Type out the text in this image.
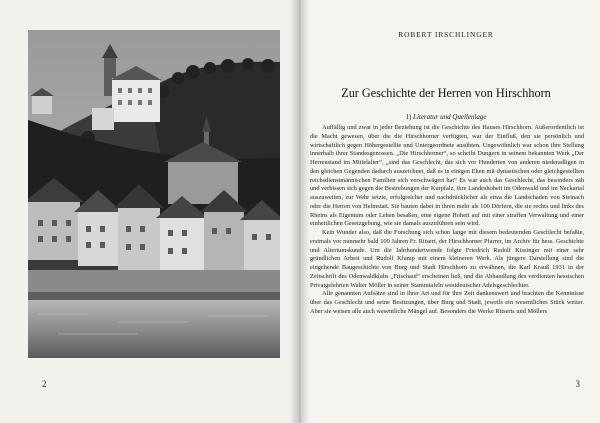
2	3
ROBERT IRSCHLINGER
Zur Geschichte der Herren von Hirschhorn
1) Literatur und Quellenlage

Auffällig und zwar in jeder Beziehung ist die Geschichte des Hauses Hirschhorn. Außerordentlich ist die Macht gewesen, über die die Hirschhorner verfügten, war der Einfluß, den sie persönlich und wirtschaftlich gegen Höhergestellte und Untergeordnete ausübten. Ungewöhnlich war schon ihre Stellung innerhalb ihrer Standesgenossen. „Die Hirschhorner“, so scheibt Dungern in seinem bekannten Werk „Der Herrenstand im Mittelalter“, „sind das Geschlecht, das sich vor Hunderten von anderen niederadligen in den gleichen Gegenden dadurch auszeichnet, daß es in einigen Ehen mit dynastischen oder gleichgestellten reichsdienstmännischen Familien sich verschwägert hat“ Es war auch das Geschlecht, das besonders zäh und verbissen sich gegen die Bestrebungen der Kurpfalz, ihre Landeshoheit im Odenwald und im Neckartal auszuweiten, zur Wehr setzte, erfolgreicher und nachdrücklicher als etwa die Landschaden von Steinach oder die Herren von Helmstatt. Sie bauten dabei in ihren mehr als 100 Dörfern, die sie rechts und links des Rheins als Eigentum oder Lehen besaßen, eine eigene Hoheit auf mit einer straffen Verwaltung und einer einheitlichen Gesetzgebung, wie sie damals auszuführen sein wird.

Kein Wunder also, daß die Forschung sich schon lange mit diesem bedeutenden Geschlecht befaßte, erstmals vor nunmehr bald 100 Jahren Fr. Ritsert, der Hirschhorner Pfarrer, im Archiv für hess. Geschichte und Altertumskunde. Um die Jahrhundertwende folgte Friedrich Rudolf Kissinger mit einer sehr gründlichen Arbeit und Rudolf Klump mit einem kleineren Werk. Als jüngere Darstellung sind die eingehende Baugeschichte von Burg und Stadt Hirschhorn zu erwähnen, die Karl Krauß 1931 in der Zeitschrift des Odenwaldklubs „Frischauf“ erscheinen ließ, und die Abhandlung des verdienten hessischen Privatgelehrten Walter Möller in seiner Stammtafeln westdeutscher Adelsgeschlechter.

Alle genannten Aufsätze sind in ihrer Art und für ihre Zeit dankenswert und brachten die Kenntnisse über das Geschlecht und seine Besitzungen, über Burg und Stadt, jeweils ein wesentliches Stück weiter. Aber sie weisen alle auch wesentliche Mängel auf. Besonders die Werke Ritserts und Möllers
